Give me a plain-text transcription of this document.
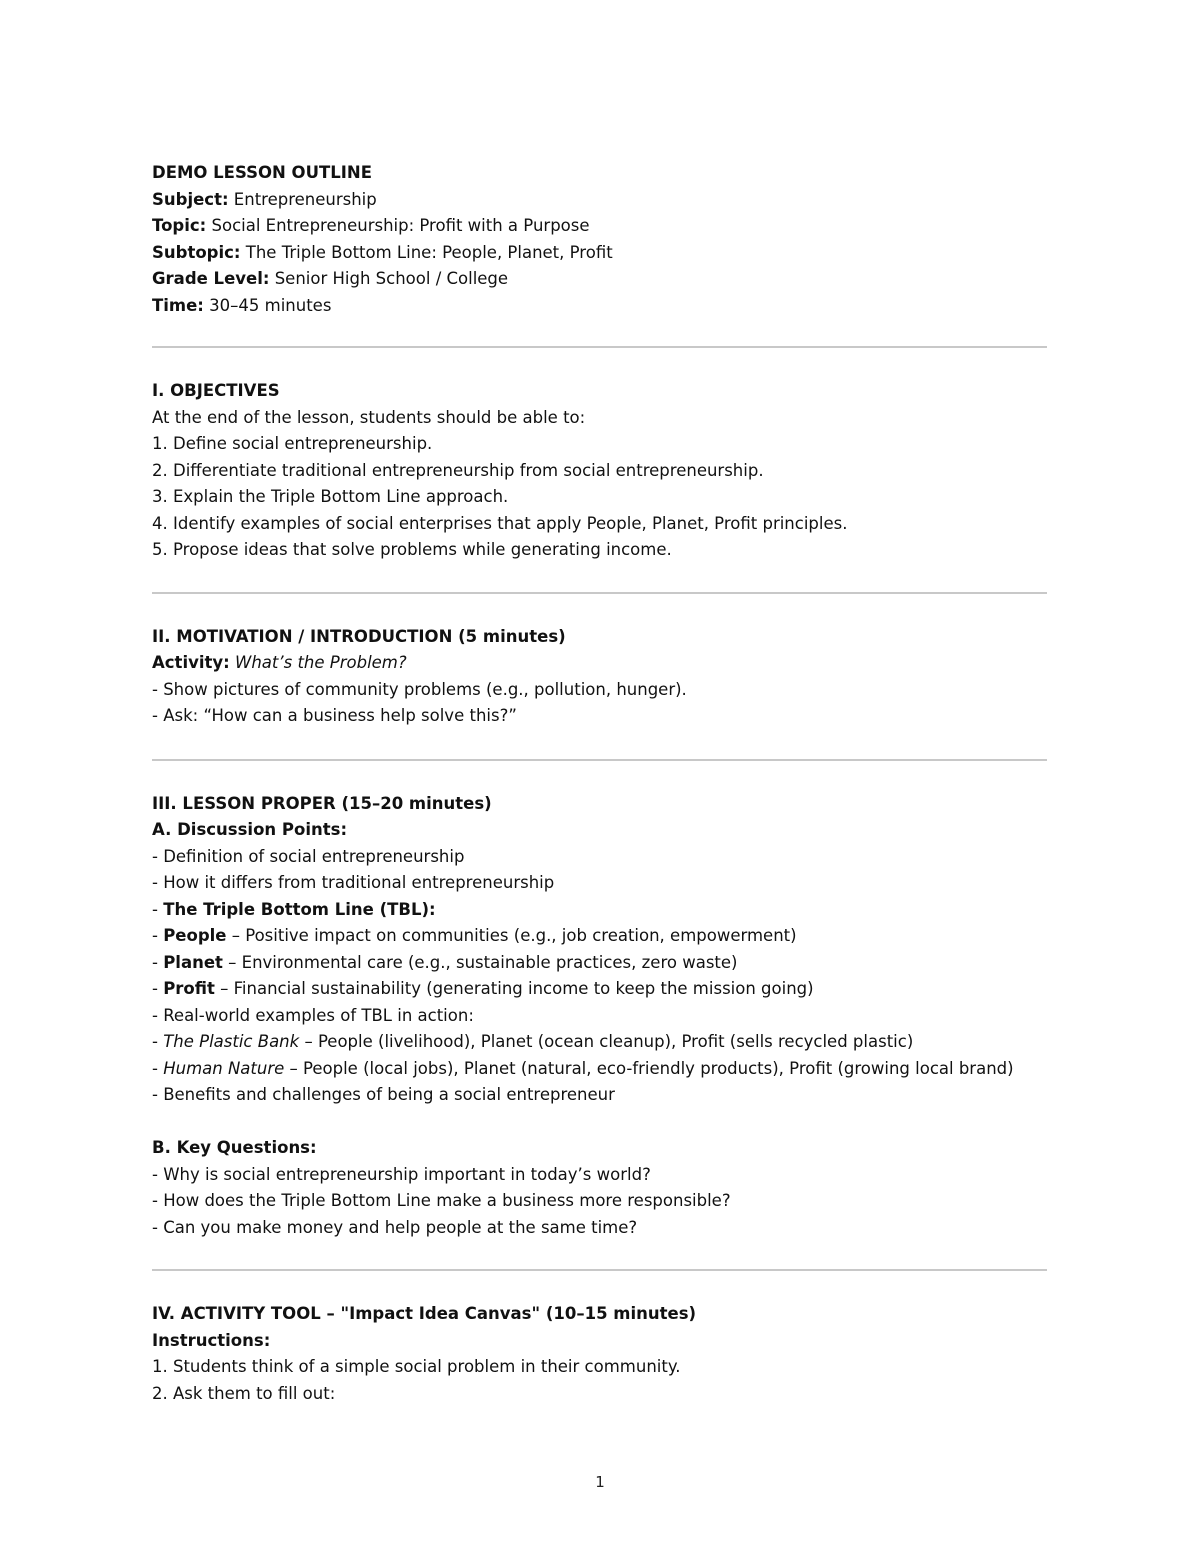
DEMO LESSON OUTLINE
Subject: Entrepreneurship
Topic: Social Entrepreneurship: Profit with a Purpose
Subtopic: The Triple Bottom Line: People, Planet, Profit
Grade Level: Senior High School / College
Time: 30–45 minutes
I. OBJECTIVES
At the end of the lesson, students should be able to:
1. Define social entrepreneurship.
2. Differentiate traditional entrepreneurship from social entrepreneurship.
3. Explain the Triple Bottom Line approach.
4. Identify examples of social enterprises that apply People, Planet, Profit principles.
5. Propose ideas that solve problems while generating income.
II. MOTIVATION / INTRODUCTION (5 minutes)
Activity: What’s the Problem?
- Show pictures of community problems (e.g., pollution, hunger).
- Ask: “How can a business help solve this?”
III. LESSON PROPER (15–20 minutes)
A. Discussion Points:
- Definition of social entrepreneurship
- How it differs from traditional entrepreneurship
- The Triple Bottom Line (TBL):
- People – Positive impact on communities (e.g., job creation, empowerment)
- Planet – Environmental care (e.g., sustainable practices, zero waste)
- Profit – Financial sustainability (generating income to keep the mission going)
- Real-world examples of TBL in action:
- The Plastic Bank – People (livelihood), Planet (ocean cleanup), Profit (sells recycled plastic)
- Human Nature – People (local jobs), Planet (natural, eco-friendly products), Profit (growing local brand)
- Benefits and challenges of being a social entrepreneur
B. Key Questions:
- Why is social entrepreneurship important in today’s world?
- How does the Triple Bottom Line make a business more responsible?
- Can you make money and help people at the same time?
IV. ACTIVITY TOOL – "Impact Idea Canvas" (10–15 minutes)
Instructions:
1. Students think of a simple social problem in their community.
2. Ask them to fill out:
1
